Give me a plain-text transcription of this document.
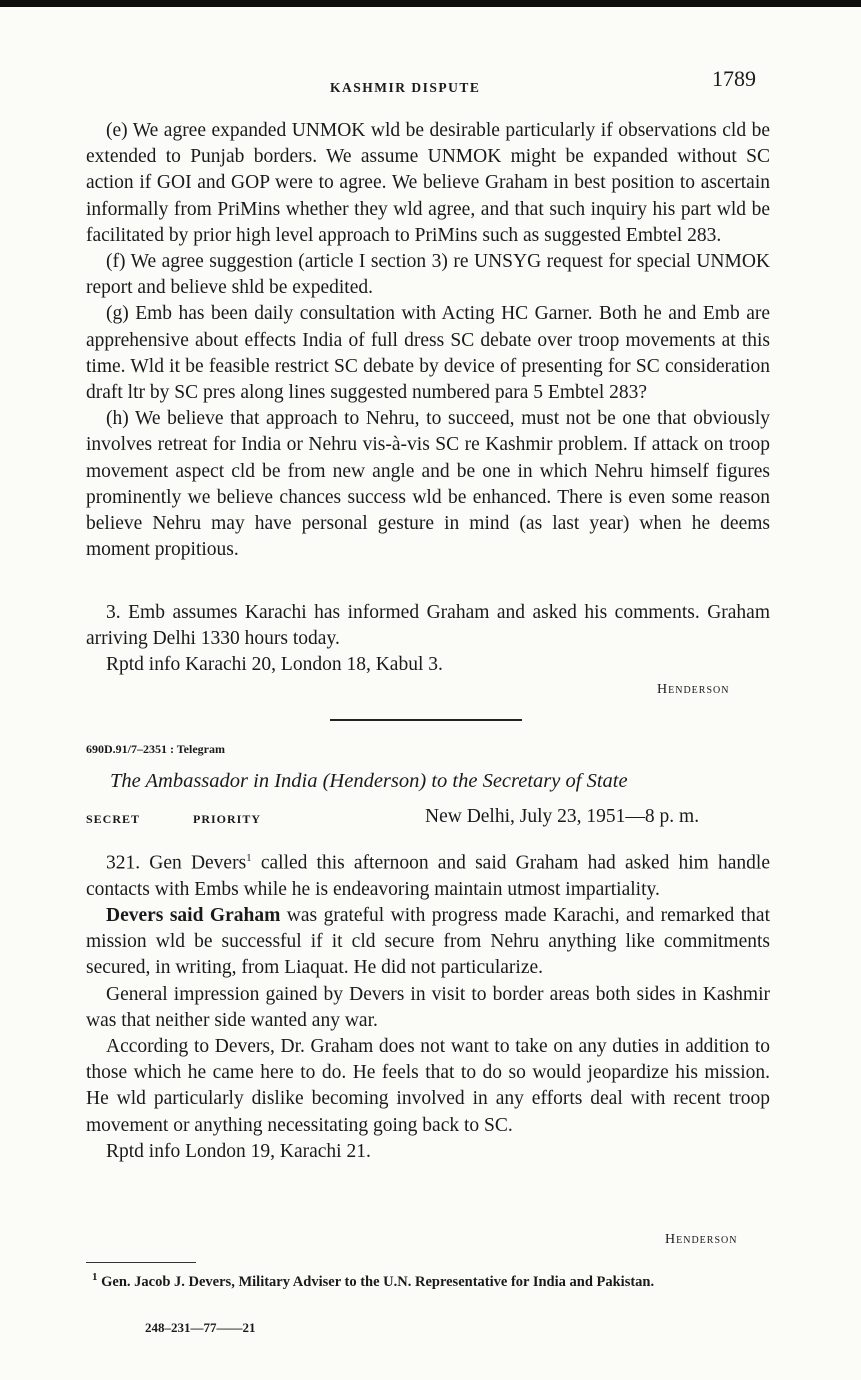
KASHMIR DISPUTE	1789

(e) We agree expanded UNMOK wld be desirable particularly if observations cld be extended to Punjab borders. We assume UNMOK might be expanded without SC action if GOI and GOP were to agree. We believe Graham in best position to ascertain informally from PriMins whether they wld agree, and that such inquiry his part wld be facilitated by prior high level approach to PriMins such as suggested Embtel 283.

(f) We agree suggestion (article I section 3) re UNSYG request for special UNMOK report and believe shld be expedited.

(g) Emb has been daily consultation with Acting HC Garner. Both he and Emb are apprehensive about effects India of full dress SC debate over troop movements at this time. Wld it be feasible restrict SC debate by device of presenting for SC consideration draft ltr by SC pres along lines suggested numbered para 5 Embtel 283?

(h) We believe that approach to Nehru, to succeed, must not be one that obviously involves retreat for India or Nehru vis-à-vis SC re Kashmir problem. If attack on troop movement aspect cld be from new angle and be one in which Nehru himself figures prominently we believe chances success wld be enhanced. There is even some reason believe Nehru may have personal gesture in mind (as last year) when he deems moment propitious.

3. Emb assumes Karachi has informed Graham and asked his comments. Graham arriving Delhi 1330 hours today.

Rptd info Karachi 20, London 18, Kabul 3.

Henderson
690D.91/7–2351 : Telegram
The Ambassador in India (Henderson) to the Secretary of State
SECRET	PRIORITY	New Delhi, July 23, 1951—8 p. m.

321. Gen Devers$^1$ called this afternoon and said Graham had asked him handle contacts with Embs while he is endeavoring maintain utmost impartiality.

Devers said Graham was grateful with progress made Karachi, and remarked that mission wld be successful if it cld secure from Nehru anything like commitments secured, in writing, from Liaquat. He did not particularize.

General impression gained by Devers in visit to border areas both sides in Kashmir was that neither side wanted any war.

According to Devers, Dr. Graham does not want to take on any duties in addition to those which he came here to do. He feels that to do so would jeopardize his mission. He wld particularly dislike becoming involved in any efforts deal with recent troop movement or anything necessitating going back to SC.

Rptd info London 19, Karachi 21.

Henderson
$^1$ Gen. Jacob J. Devers, Military Adviser to the U.N. Representative for India and Pakistan.
248–231—77——21
